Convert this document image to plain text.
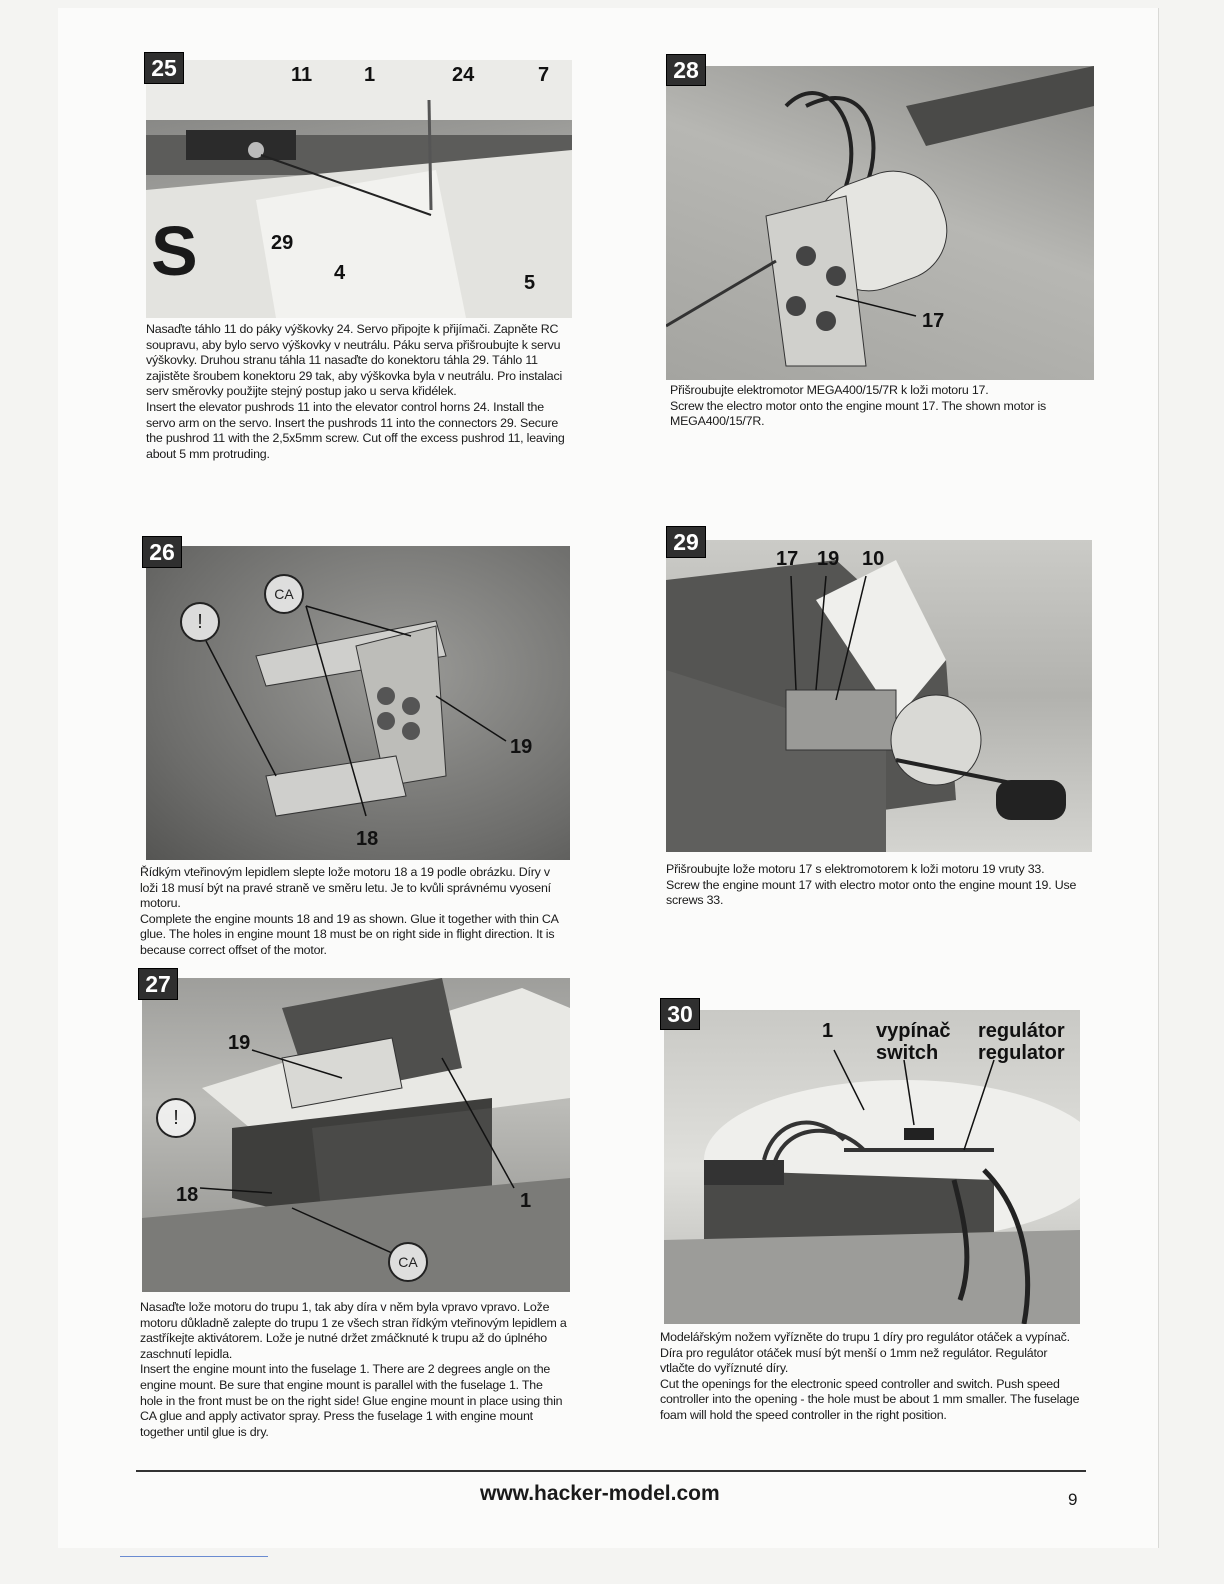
S
11	1	24	7
29
4	5
25

Nasaďte táhlo 11 do páky výškovky 24. Servo připojte k přijímači. Zapněte RC soupravu, aby bylo servo výškovky v neutrálu. Páku serva přišroubujte k servu výškovky. Druhou stranu táhla 11 nasaďte do konektoru táhla 29. Táhlo 11 zajistěte šroubem konektoru 29 tak, aby výškovka byla v neutrálu. Pro instalaci serv směrovky použijte stejný postup jako u serva křidélek.

Insert the elevator pushrods 11 into the elevator control horns 24. Install the servo arm on the servo. Insert the pushrods 11 into the connectors 29. Secure the pushrod 11 with the 2,5x5mm screw. Cut off the excess pushrod 11, leaving about 5 mm protruding.

!
CA
19
18
26

Řídkým vteřinovým lepidlem slepte lože motoru 18 a 19 podle obrázku. Díry v loži 18 musí být na pravé straně ve směru letu. Je to kvůli správnému vyosení motoru.

Complete the engine mounts 18 and 19 as shown. Glue it together with thin CA glue. The holes in engine mount 18 must be on right side in flight direction. It is because correct offset of the motor.

19
!
18	1
CA
27

Nasaďte lože motoru do trupu 1, tak aby díra v něm byla vpravo vpravo. Lože motoru důkladně zalepte do trupu 1 ze všech stran řídkým vteřinovým lepidlem a zastříkejte aktivátorem. Lože je nutné držet zmáčknuté k trupu až do úplného zaschnutí lepidla.

Insert the engine mount into the fuselage 1. There are 2 degrees angle on the engine mount. Be sure that engine mount is parallel with the fuselage 1. The hole in the front must be on the right side! Glue engine mount in place using thin CA glue and apply activator spray. Press the fuselage 1 with engine mount together until glue is dry.

17
28

Přišroubujte elektromotor MEGA400/15/7R k loži motoru 17.

Screw the electro motor onto the engine mount 17. The shown motor is MEGA400/15/7R.

17 19 10
29

Přišroubujte lože motoru 17 s elektromotorem k loži motoru 19 vruty 33.

Screw the engine mount 17 with electro motor onto the engine mount 19. Use screws 33.

1 vypínač
switch
regulátor
regulator
30

Modelářským nožem vyřízněte do trupu 1 díry pro regulátor otáček a vypínač. Díra pro regulátor otáček musí být menší o 1mm než regulátor. Regulátor vtlačte do vyříznuté díry.

Cut the openings for the electronic speed controller and switch. Push speed controller into the opening - the hole must be about 1 mm smaller. The fuselage foam will hold the speed controller in the right position.

www.hacker-model.com	9
